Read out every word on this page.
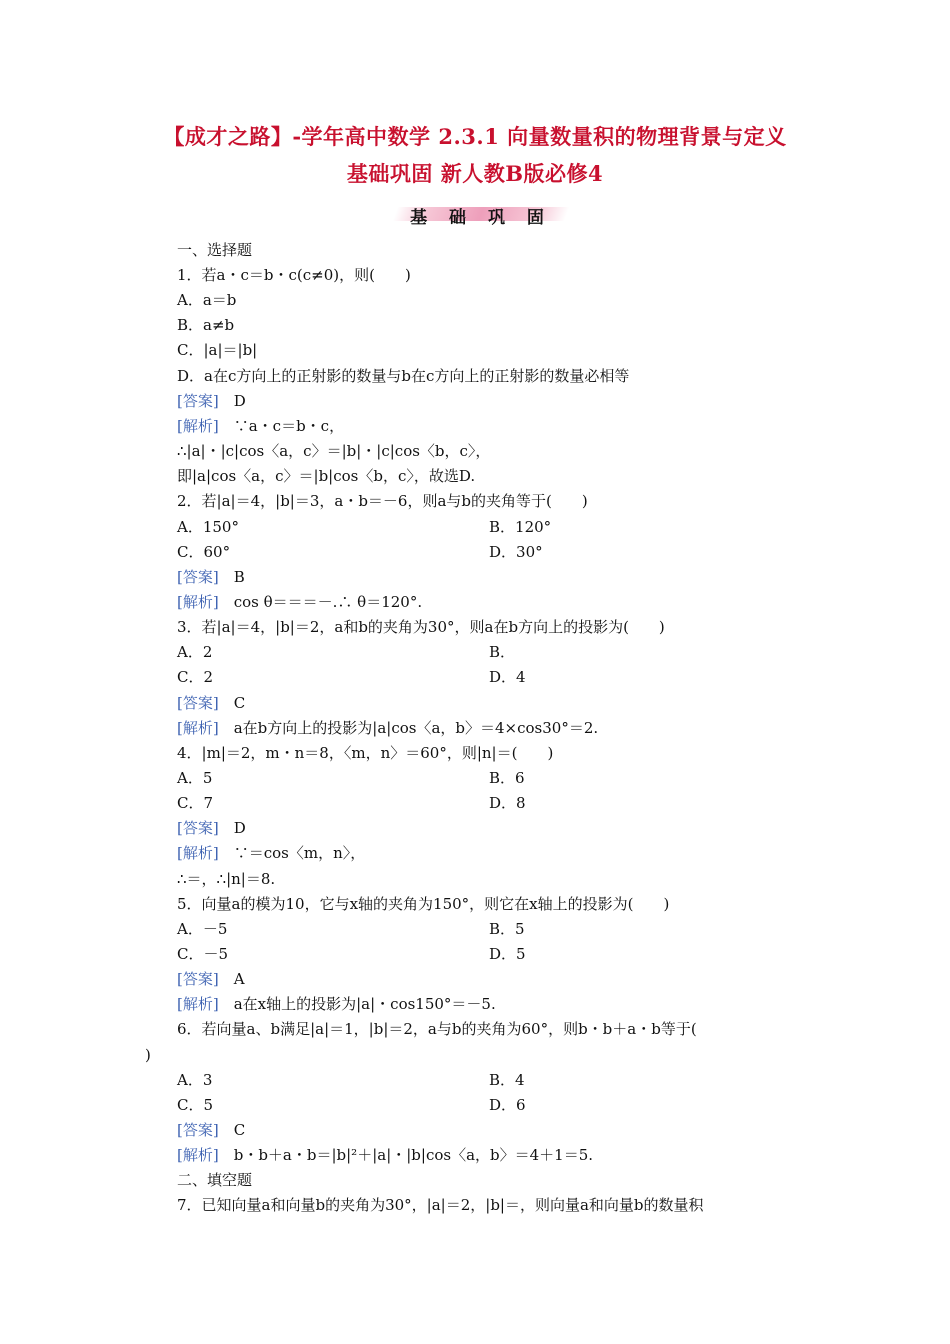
【成才之路】-学年高中数学 2.3.1 向量数量积的物理背景与定义
基础巩固 新人教B版必修4
基 础 巩 固
一、选择题
1．若a・c＝b・c(c≠0)，则(　　)
A．a＝b
B．a≠b
C．|a|＝|b|
D．a在c方向上的正射影的数量与b在c方向上的正射影的数量必相等
[答案]　D
[解析]　∵a・c＝b・c，
∴|a|・|c|cos〈a，c〉＝|b|・|c|cos〈b，c〉，
即|a|cos〈a，c〉＝|b|cos〈b，c〉，故选D.
2．若|a|＝4，|b|＝3，a・b＝－6，则a与b的夹角等于(　　)
A．150°	B．120°
C．60°	D．30°
[答案]　B
[解析]　cos θ＝＝＝－.∴ θ＝120°.
3．若|a|＝4，|b|＝2，a和b的夹角为30°，则a在b方向上的投影为(　　)
A．2	B．
C．2	D．4
[答案]　C
[解析]　a在b方向上的投影为|a|cos〈a，b〉＝4×cos30°＝2.
4．|m|＝2，m・n＝8，〈m，n〉＝60°，则|n|＝(　　)
A．5	B．6
C．7	D．8
[答案]　D
[解析]　∵＝cos〈m，n〉，
∴＝，∴|n|＝8.
5．向量a的模为10，它与x轴的夹角为150°，则它在x轴上的投影为(　　)
A．－5	B．5
C．－5	D．5
[答案]　A
[解析]　a在x轴上的投影为|a|・cos150°＝－5.
6．若向量a、b满足|a|＝1，|b|＝2，a与b的夹角为60°，则b・b＋a・b等于(
)
A．3	B．4
C．5	D．6
[答案]　C
[解析]　b・b＋a・b＝|b|²＋|a|・|b|cos〈a，b〉＝4＋1＝5.
二、填空题
7．已知向量a和向量b的夹角为30°，|a|＝2，|b|＝，则向量a和向量b的数量积
